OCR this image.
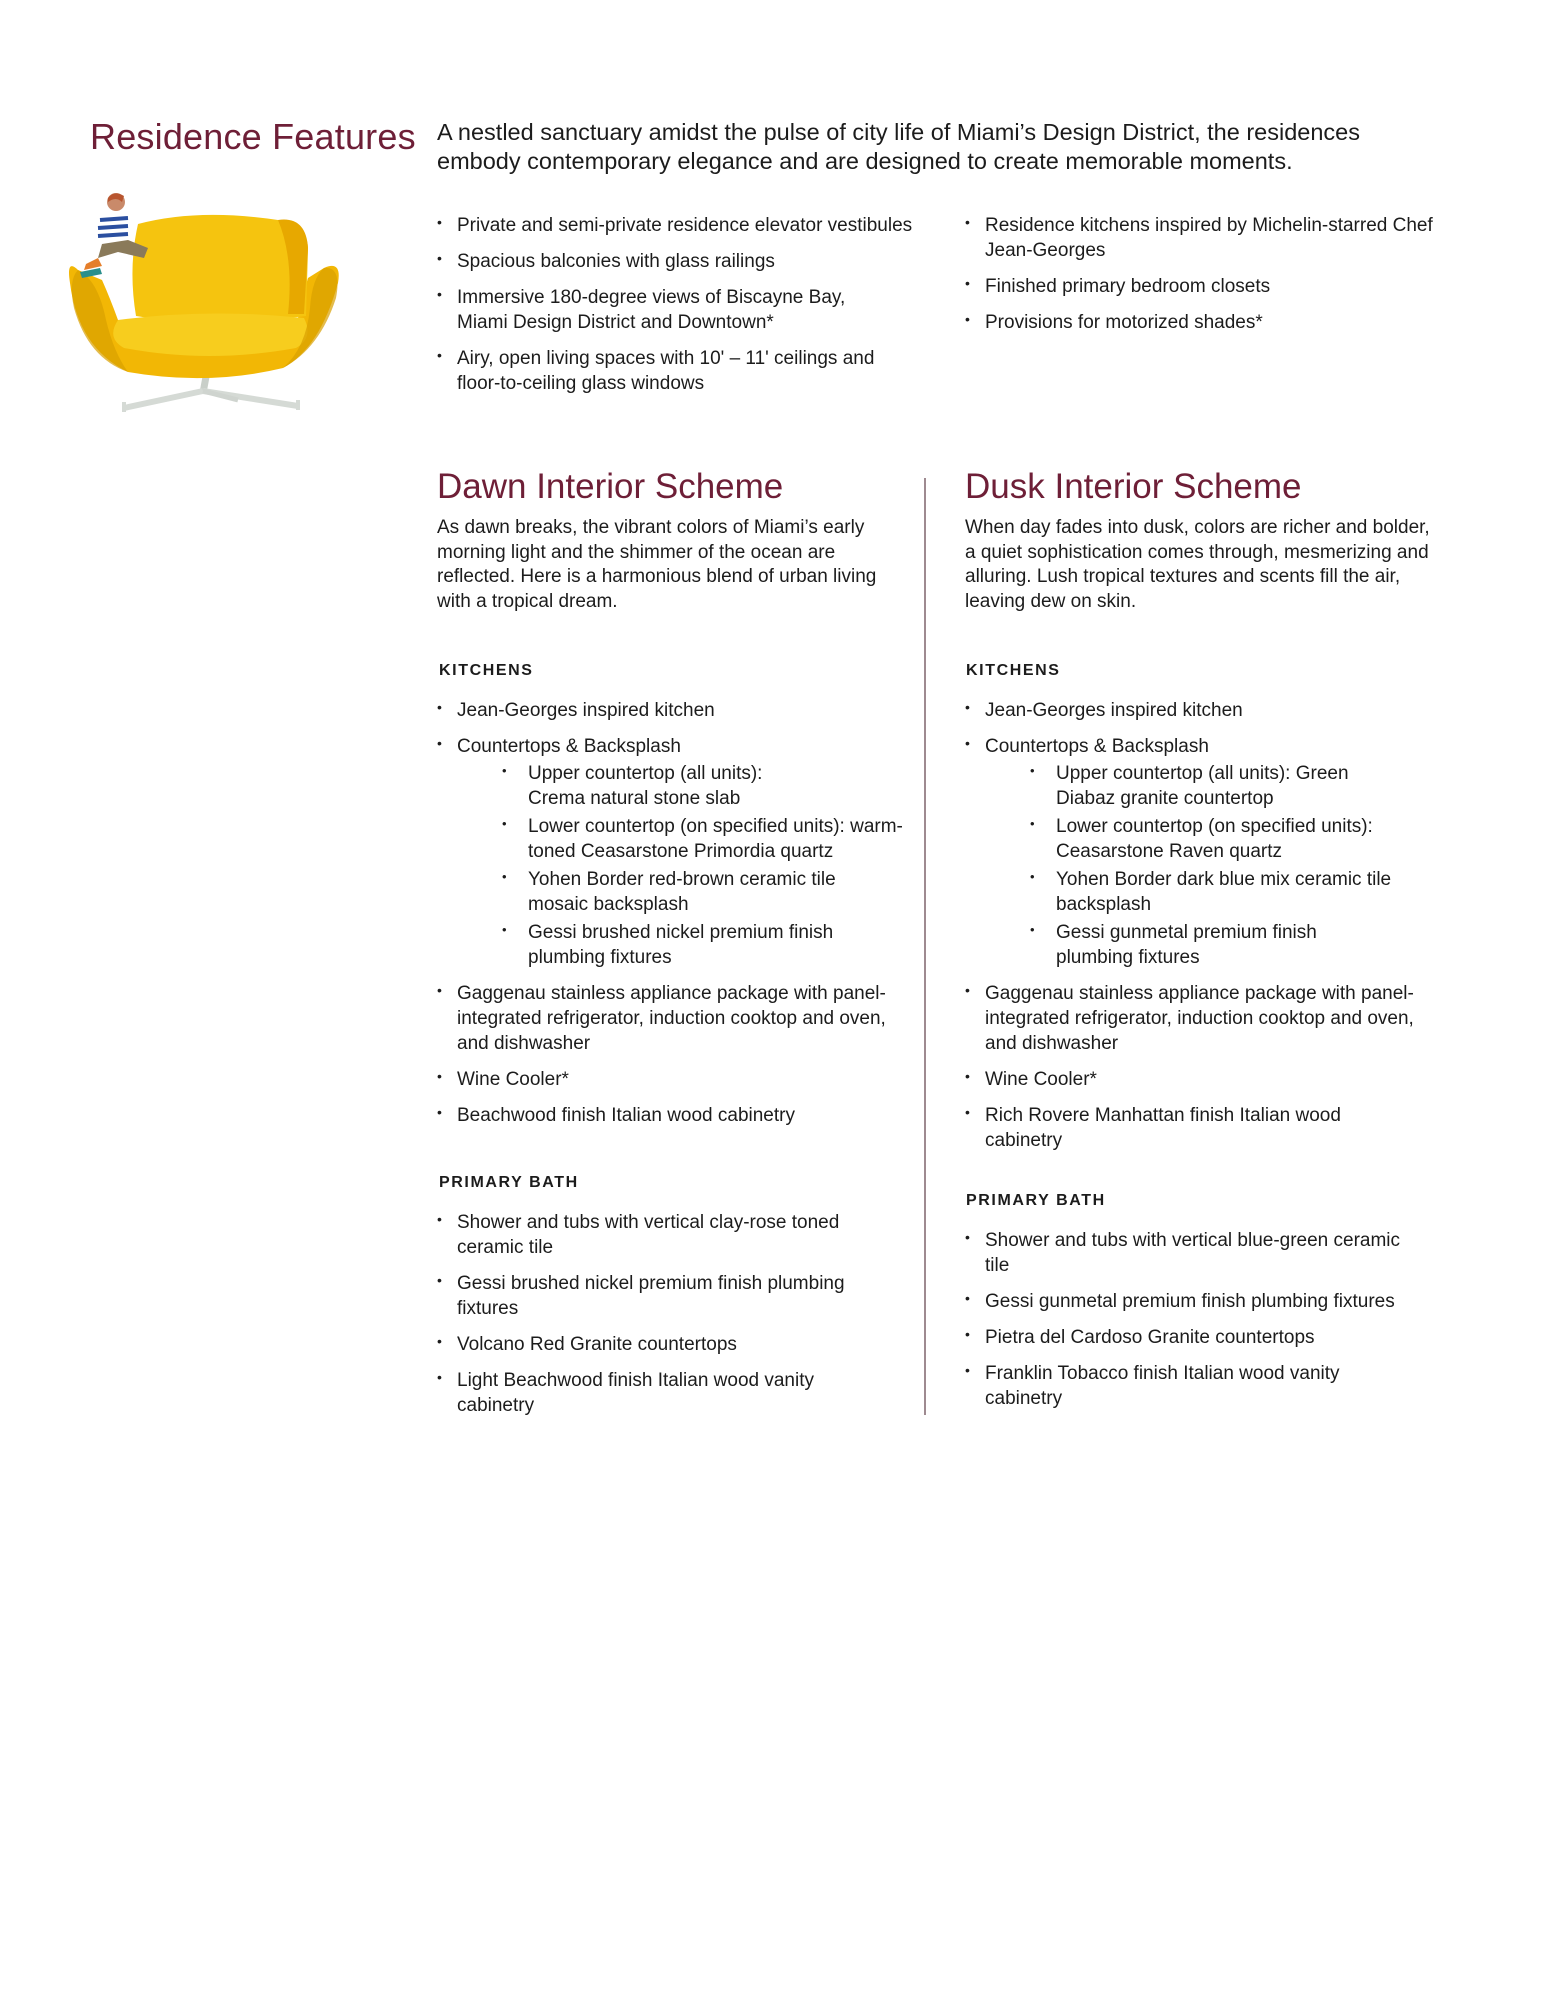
Residence Features A nestled sanctuary amidst the pulse of city life of Miami’s Design District, the residences embody contemporary elegance and are designed to create memorable moments.

• Private and semi-private residence elevator vestibules
• Spacious balconies with glass railings
• Immersive 180-degree views of Biscayne Bay, Miami Design District and Downtown*
• Airy, open living spaces with 10' – 11' ceilings and floor-to-ceiling glass windows
• Residence kitchens inspired by Michelin-starred Chef Jean-Georges
• Finished primary bedroom closets
• Provisions for motorized shades*
Dawn Interior Scheme

As dawn breaks, the vibrant colors of Miami’s early morning light and the shimmer of the ocean are reflected. Here is a harmonious blend of urban living with a tropical dream.

KITCHENS
• Jean-Georges inspired kitchen
• Countertops & Backsplash
• Upper countertop (all units): Crema natural stone slab
• Lower countertop (on specified units): warm-toned Ceasarstone Primordia quartz
• Yohen Border red-brown ceramic tile mosaic backsplash
• Gessi brushed nickel premium finish plumbing fixtures
• Gaggenau stainless appliance package with panel-integrated refrigerator, induction cooktop and oven, and dishwasher
• Wine Cooler*
• Beachwood finish Italian wood cabinetry
PRIMARY BATH
• Shower and tubs with vertical clay-rose toned ceramic tile
• Gessi brushed nickel premium finish plumbing fixtures
• Volcano Red Granite countertops
• Light Beachwood finish Italian wood vanity cabinetry
Dusk Interior Scheme

When day fades into dusk, colors are richer and bolder, a quiet sophistication comes through, mesmerizing and alluring. Lush tropical textures and scents fill the air, leaving dew on skin.

KITCHENS
• Jean-Georges inspired kitchen
• Countertops & Backsplash
• Upper countertop (all units): Green Diabaz granite countertop
• Lower countertop (on specified units): Ceasarstone Raven quartz
• Yohen Border dark blue mix ceramic tile backsplash
• Gessi gunmetal premium finish plumbing fixtures
• Gaggenau stainless appliance package with panel-integrated refrigerator, induction cooktop and oven, and dishwasher
• Wine Cooler*
• Rich Rovere Manhattan finish Italian wood cabinetry
PRIMARY BATH
• Shower and tubs with vertical blue-green ceramic tile
• Gessi gunmetal premium finish plumbing fixtures
• Pietra del Cardoso Granite countertops
• Franklin Tobacco finish Italian wood vanity cabinetry
